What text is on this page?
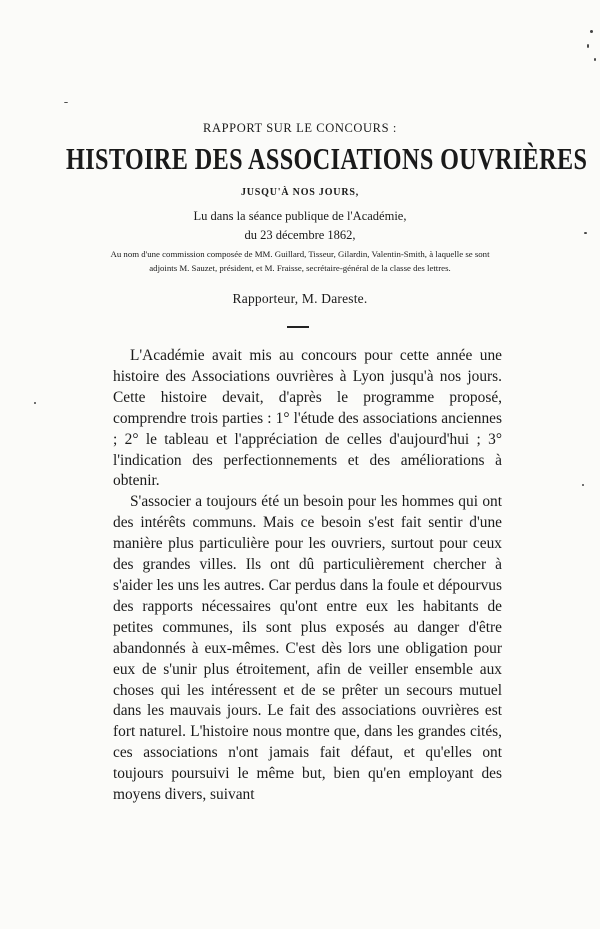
RAPPORT SUR LE CONCOURS :
HISTOIRE DES ASSOCIATIONS OUVRIÈRES
JUSQU'À NOS JOURS,
Lu dans la séance publique de l'Académie,
du 23 décembre 1862,
Au nom d'une commission composée de MM. Guillard, Tisseur, Gilardin, Valentin-Smith, à laquelle se sont adjoints M. Sauzet, président, et M. Fraisse, secrétaire-général de la classe des lettres.
Rapporteur, M. Dareste.

L'Académie avait mis au concours pour cette année une histoire des Associations ouvrières à Lyon jusqu'à nos jours. Cette histoire devait, d'après le programme proposé, comprendre trois parties : 1° l'étude des associations anciennes ; 2° le tableau et l'appréciation de celles d'aujourd'hui ; 3° l'indication des perfectionnements et des améliorations à obtenir.

S'associer a toujours été un besoin pour les hommes qui ont des intérêts communs. Mais ce besoin s'est fait sentir d'une manière plus particulière pour les ouvriers, surtout pour ceux des grandes villes. Ils ont dû particulièrement chercher à s'aider les uns les autres. Car perdus dans la foule et dépourvus des rapports nécessaires qu'ont entre eux les habitants de petites communes, ils sont plus exposés au danger d'être abandonnés à eux-mêmes. C'est dès lors une obligation pour eux de s'unir plus étroitement, afin de veiller ensemble aux choses qui les intéressent et de se prêter un secours mutuel dans les mauvais jours. Le fait des associations ouvrières est fort naturel. L'histoire nous montre que, dans les grandes cités, ces associations n'ont jamais fait défaut, et qu'elles ont toujours poursuivi le même but, bien qu'en employant des moyens divers, suivant
